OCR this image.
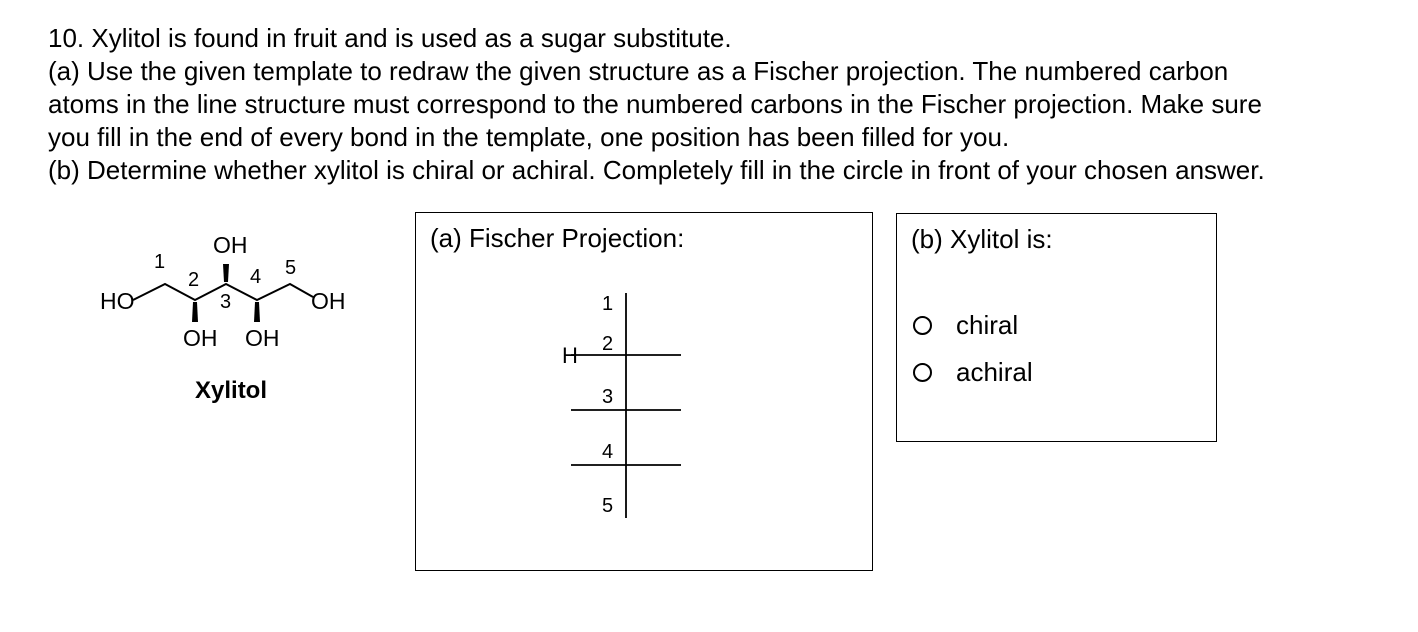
10. Xylitol is found in fruit and is used as a sugar substitute.

(a) Use the given template to redraw the given structure as a Fischer projection. The numbered carbon

atoms in the line structure must correspond to the numbered carbons in the Fischer projection. Make sure

you fill in the end of every bond in the template, one position has been filled for you.

(b) Determine whether xylitol is chiral or achiral. Completely fill in the circle in front of your chosen answer.

HO	OH
OH
OH OH
1
2
3
4 5
Xylitol
(a) Fischer Projection:
1
2
3
4
5
H
(b) Xylitol is:
chiral
achiral
